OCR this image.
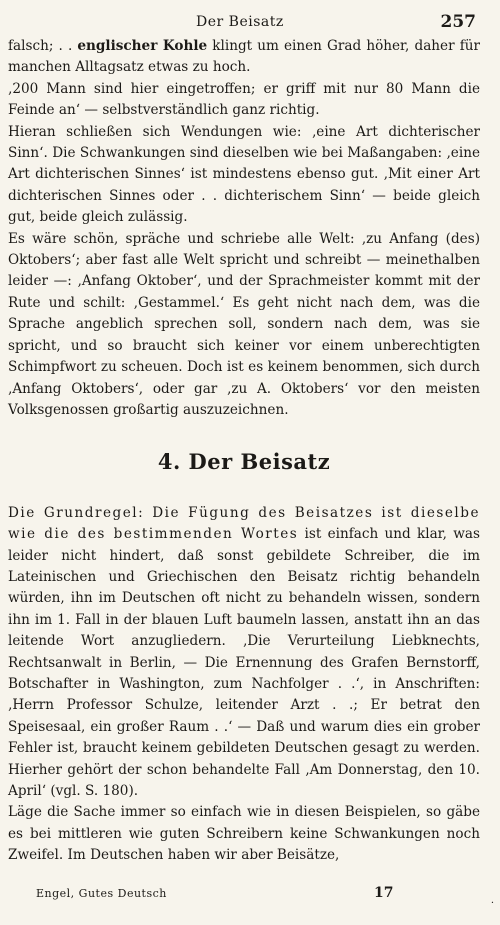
Der Beisatz	257

falsch; . . englischer Kohle klingt um einen Grad höher, daher für manchen Alltagsatz etwas zu hoch.

‚200 Mann sind hier eingetroffen; er griff mit nur 80 Mann die Feinde an‘ — selbstverständlich ganz richtig.

Hieran schließen sich Wendungen wie: ‚eine Art dichterischer Sinn‘. Die Schwankungen sind dieselben wie bei Maßangaben: ‚eine Art dichterischen Sinnes‘ ist mindestens ebenso gut. ‚Mit einer Art dichterischen Sinnes oder . . dichterischem Sinn‘ — beide gleich gut, beide gleich zulässig.

Es wäre schön, spräche und schriebe alle Welt: ‚zu Anfang (des) Oktobers‘; aber fast alle Welt spricht und schreibt — meinethalben leider —: ‚Anfang Oktober‘, und der Sprachmeister kommt mit der Rute und schilt: ‚Gestammel.‘ Es geht nicht nach dem, was die Sprache angeblich sprechen soll, sondern nach dem, was sie spricht, und so braucht sich keiner vor einem unberechtigten Schimpfwort zu scheuen. Doch ist es keinem benommen, sich durch ‚Anfang Oktobers‘, oder gar ‚zu A. Oktobers‘ vor den meisten Volksgenossen großartig auszuzeichnen.

4. Der Beisatz

Die Grundregel: Die Fügung des Beisatzes ist dieselbe wie die des bestimmenden Wortes ist einfach und klar, was leider nicht hindert, daß sonst gebildete Schreiber, die im Lateinischen und Griechischen den Beisatz richtig behandeln würden, ihn im Deutschen oft nicht zu behandeln wissen, sondern ihn im 1. Fall in der blauen Luft baumeln lassen, anstatt ihn an das leitende Wort anzugliedern. ‚Die Verurteilung Liebknechts, Rechtsanwalt in Berlin, — Die Ernennung des Grafen Bernstorff, Botschafter in Washington, zum Nachfolger . .‘, in Anschriften: ‚Herrn Professor Schulze, leitender Arzt . .; Er betrat den Speisesaal, ein großer Raum . .‘ — Daß und warum dies ein grober Fehler ist, braucht keinem gebildeten Deutschen gesagt zu werden. Hierher gehört der schon behandelte Fall ‚Am Donnerstag, den 10. April‘ (vgl. S. 180).

Läge die Sache immer so einfach wie in diesen Beispielen, so gäbe es bei mittleren wie guten Schreibern keine Schwankungen noch Zweifel. Im Deutschen haben wir aber Beisätze,

Engel, Gutes Deutsch	17
·
